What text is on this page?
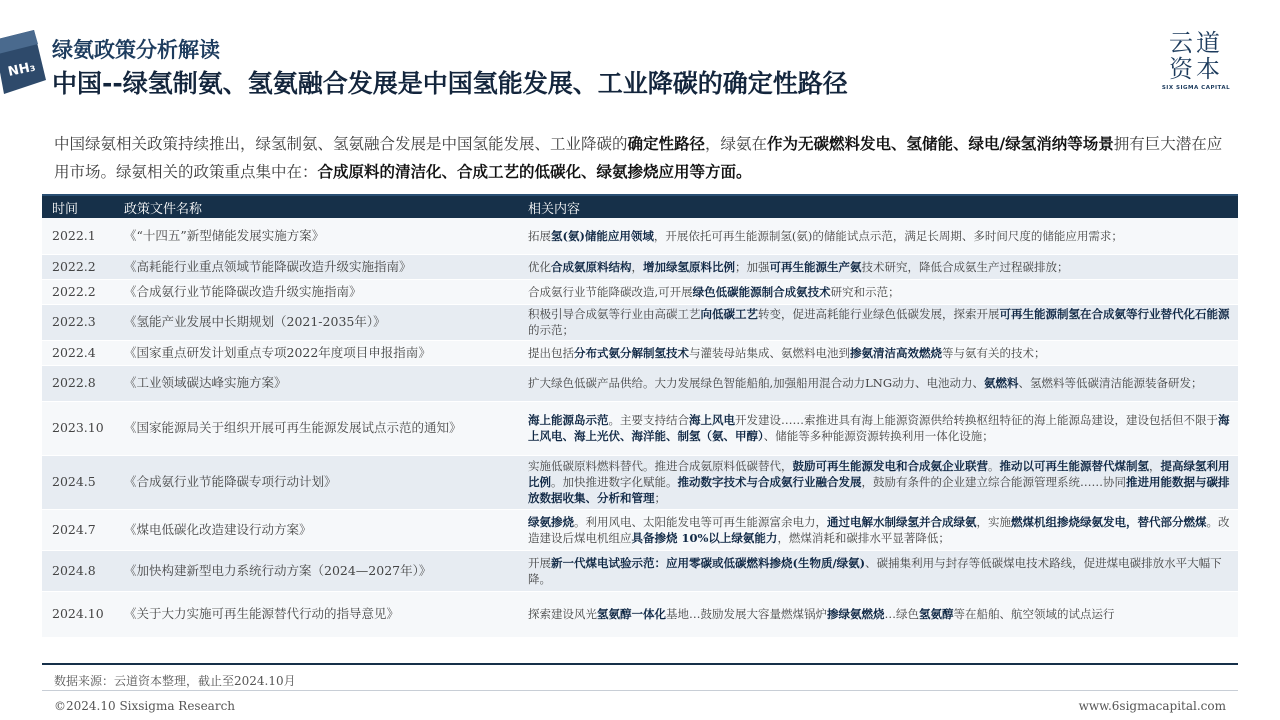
NH₃
绿氨政策分析解读
中国--绿氢制氨、氢氨融合发展是中国氢能发展、工业降碳的确定性路径
云道
资本
SIX SIGMA CAPITAL
中国绿氨相关政策持续推出，绿氢制氨、氢氨融合发展是中国氢能发展、工业降碳的确定性路径，绿氨在作为无碳燃料发电、氢储能、绿电/绿氢消纳等场景拥有巨大潜在应用市场。绿氨相关的政策重点集中在：合成原料的清洁化、合成工艺的低碳化、绿氨掺烧应用等方面。
时间	政策文件名称	相关内容
2022.1	《“十四五”新型储能发展实施方案》	拓展氢(氨)储能应用领域，开展依托可再生能源制氢(氨)的储能试点示范，满足长周期、多时间尺度的储能应用需求；
2022.2	《高耗能行业重点领域节能降碳改造升级实施指南》	优化合成氨原料结构，增加绿氢原料比例；加强可再生能源生产氨技术研究，降低合成氨生产过程碳排放；
2022.2	《合成氨行业节能降碳改造升级实施指南》	合成氨行业节能降碳改造,可开展绿色低碳能源制合成氨技术研究和示范；
2022.3	《氢能产业发展中长期规划（2021-2035年）》	积极引导合成氨等行业由高碳工艺向低碳工艺转变，促进高耗能行业绿色低碳发展，探索开展可再生能源制氢在合成氨等行业替代化石能源的示范；
2022.4	《国家重点研发计划重点专项2022年度项目申报指南》	提出包括分布式氨分解制氢技术与灌装母站集成、氨燃料电池到掺氨清洁高效燃烧等与氨有关的技术；
2022.8	《工业领域碳达峰实施方案》	扩大绿色低碳产品供给。大力发展绿色智能船舶,加强船用混合动力LNG动力、电池动力、氨燃料、氢燃料等低碳清洁能源装备研发；
2023.10	《国家能源局关于组织开展可再生能源发展试点示范的通知》	海上能源岛示范。主要支持结合海上风电开发建设……索推进具有海上能源资源供给转换枢纽特征的海上能源岛建设，建设包括但不限于海上风电、海上光伏、海洋能、制氢（氨、甲醇）、储能等多种能源资源转换利用一体化设施；
2024.5	《合成氨行业节能降碳专项行动计划》	实施低碳原料燃料替代。推进合成氨原料低碳替代，鼓励可再生能源发电和合成氨企业联营。推动以可再生能源替代煤制氢，提高绿氢利用比例。加快推进数字化赋能。推动数字技术与合成氨行业融合发展，鼓励有条件的企业建立综合能源管理系统……协同推进用能数据与碳排放数据收集、分析和管理；
2024.7	《煤电低碳化改造建设行动方案》	绿氨掺烧。利用风电、太阳能发电等可再生能源富余电力，通过电解水制绿氢并合成绿氨，实施燃煤机组掺烧绿氨发电，替代部分燃煤。改造建设后煤电机组应具备掺烧 10%以上绿氨能力，燃煤消耗和碳排水平显著降低；
2024.8	《加快构建新型电力系统行动方案（2024—2027年）》	开展新一代煤电试验示范：应用零碳或低碳燃料掺烧(生物质/绿氨)、碳捕集利用与封存等低碳煤电技术路线，促进煤电碳排放水平大幅下降。
2024.10	《关于大力实施可再生能源替代行动的指导意见》	探索建设风光氢氨醇一体化基地…鼓励发展大容量燃煤锅炉掺绿氨燃烧…绿色氢氨醇等在船舶、航空领域的试点运行
数据来源：云道资本整理，截止至2024.10月
©2024.10 Sixsigma Research	www.6sigmacapital.com
